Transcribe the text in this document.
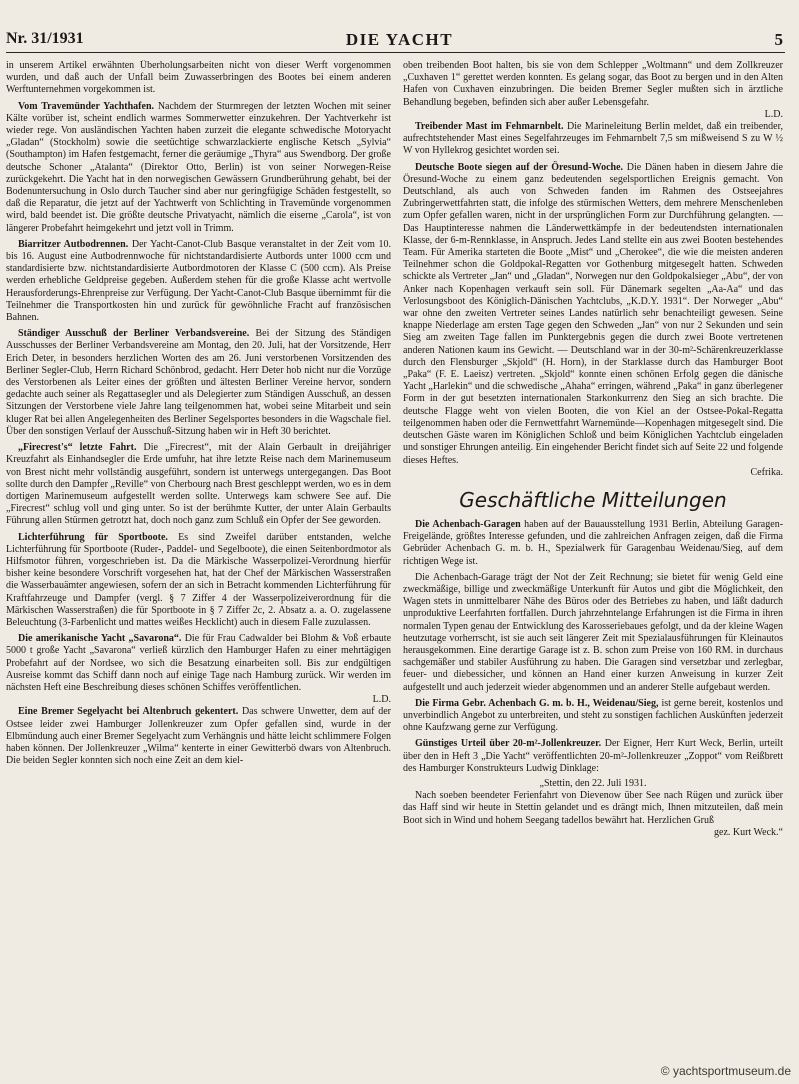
Nr. 31/1931	DIE YACHT	5

in unserem Artikel erwähnten Überholungsarbeiten nicht von dieser Werft vorgenommen wurden, und daß auch der Unfall beim Zuwasserbringen des Bootes bei einem anderen Werftunternehmen vorgekommen ist.

Vom Travemünder Yachthafen. Nachdem der Sturmregen der letzten Wochen mit seiner Kälte vorüber ist, scheint endlich warmes Sommerwetter einzukehren. Der Yachtverkehr ist wieder rege. Von ausländischen Yachten haben zurzeit die elegante schwedische Motoryacht „Gladan“ (Stockholm) sowie die seetüchtige schwarzlackierte englische Ketsch „Sylvia“ (Southampton) im Hafen festgemacht, ferner die geräumige „Thyra“ aus Swendborg. Der große deutsche Schoner „Atalanta“ (Direktor Otto, Berlin) ist von seiner Norwegen-Reise zurückgekehrt. Die Yacht hat in den norwegischen Gewässern Grundberührung gehabt, bei der Bodenuntersuchung in Oslo durch Taucher sind aber nur geringfügige Schäden festgestellt, so daß die Reparatur, die jetzt auf der Yachtwerft von Schlichting in Travemünde vorgenommen wird, bald beendet ist. Die größte deutsche Privatyacht, nämlich die eiserne „Carola“, ist von längerer Probefahrt heimgekehrt und jetzt voll in Trimm.

Biarritzer Autbodrennen. Der Yacht-Canot-Club Basque veranstaltet in der Zeit vom 10. bis 16. August eine Autbodrennwoche für nichtstandardisierte Autbords unter 1000 ccm und standardisierte bzw. nichtstandardisierte Autbordmotoren der Klasse C (500 ccm). Als Preise werden erhebliche Geldpreise gegeben. Außerdem stehen für die große Klasse acht wertvolle Herausforderungs-Ehrenpreise zur Verfügung. Der Yacht-Canot-Club Basque übernimmt für die Teilnehmer die Transportkosten hin und zurück für gewöhnliche Fracht auf französischen Bahnen.

Ständiger Ausschuß der Berliner Verbandsvereine. Bei der Sitzung des Ständigen Ausschusses der Berliner Verbandsvereine am Montag, den 20. Juli, hat der Vorsitzende, Herr Erich Deter, in besonders herzlichen Worten des am 26. Juni verstorbenen Vorsitzenden des Berliner Segler-Club, Herrn Richard Schönbrod, gedacht. Herr Deter hob nicht nur die Vorzüge des Verstorbenen als Leiter eines der größten und ältesten Berliner Vereine hervor, sondern gedachte auch seiner als Regattasegler und als Delegierter zum Ständigen Ausschuß, an dessen Sitzungen der Verstorbene viele Jahre lang teilgenommen hat, wobei seine Mitarbeit und sein kluger Rat bei allen Angelegenheiten des Berliner Segelsportes besonders in die Wagschale fiel. Über den sonstigen Verlauf der Ausschuß-Sitzung haben wir in Heft 30 berichtet.

„Firecrest's“ letzte Fahrt. Die „Firecrest“, mit der Alain Gerbault in dreijähriger Kreuzfahrt als Einhandsegler die Erde umfuhr, hat ihre letzte Reise nach dem Marinemuseum von Brest nicht mehr vollständig ausgeführt, sondern ist unterwegs untergegangen. Das Boot sollte durch den Dampfer „Reville“ von Cherbourg nach Brest geschleppt werden, wo es in dem dortigen Marinemuseum aufgestellt werden sollte. Unterwegs kam schwere See auf. Die „Firecrest“ schlug voll und ging unter. So ist der berühmte Kutter, der unter Alain Gerbaults Führung allen Stürmen getrotzt hat, doch noch ganz zum Schluß ein Opfer der See geworden.

Lichterführung für Sportboote. Es sind Zweifel darüber entstanden, welche Lichterführung für Sportboote (Ruder-, Paddel- und Segelboote), die einen Seitenbordmotor als Hilfsmotor führen, vorgeschrieben ist. Da die Märkische Wasserpolizei-Verordnung hierfür bisher keine besondere Vorschrift vorgesehen hat, hat der Chef der Märkischen Wasserstraßen die Wasserbauämter angewiesen, sofern der an sich in Betracht kommenden Lichterführung für Kraftfahrzeuge und Dampfer (vergl. § 7 Ziffer 4 der Wasserpolizeiverordnung für die Märkischen Wasserstraßen) die für Sportboote in § 7 Ziffer 2c, 2. Absatz a. a. O. zugelassene Beleuchtung (3-Farbenlicht und mattes weißes Hecklicht) auch in diesem Falle zuzulassen.

Die amerikanische Yacht „Savarona“. Die für Frau Cadwalder bei Blohm & Voß erbaute 5000 t große Yacht „Savarona“ verließ kürzlich den Hamburger Hafen zu einer mehrtägigen Probefahrt auf der Nordsee, wo sich die Besatzung einarbeiten soll. Bis zur endgültigen Ausreise kommt das Schiff dann noch auf einige Tage nach Hamburg zurück. Wir werden im nächsten Heft eine Beschreibung dieses schönen Schiffes veröffentlichen.

L.D.

Eine Bremer Segelyacht bei Altenbruch gekentert. Das schwere Unwetter, dem auf der Ostsee leider zwei Hamburger Jollenkreuzer zum Opfer gefallen sind, wurde in der Elbmündung auch einer Bremer Segelyacht zum Verhängnis und hätte leicht schlimmere Folgen haben können. Der Jollenkreuzer „Wilma“ kenterte in einer Gewitterbö dwars von Altenbruch. Die beiden Segler konnten sich noch eine Zeit an dem kiel-

oben treibenden Boot halten, bis sie von dem Schlepper „Woltmann“ und dem Zollkreuzer „Cuxhaven 1“ gerettet werden konnten. Es gelang sogar, das Boot zu bergen und in den Alten Hafen von Cuxhaven einzubringen. Die beiden Bremer Segler mußten sich in ärztliche Behandlung begeben, befinden sich aber außer Lebensgefahr.

L.D.

Treibender Mast im Fehmarnbelt. Die Marineleitung Berlin meldet, daß ein treibender, aufrechtstehender Mast eines Segelfahrzeuges im Fehmarnbelt 7,5 sm mißweisend S zu W ½ W von Hyllekrog gesichtet worden sei.

Deutsche Boote siegen auf der Öresund-Woche. Die Dänen haben in diesem Jahre die Öresund-Woche zu einem ganz bedeutenden segelsportlichen Ereignis gemacht. Von Deutschland, als auch von Schweden fanden im Rahmen des Ostseejahres Zubringerwettfahrten statt, die infolge des stürmischen Wetters, dem mehrere Menschenleben zum Opfer gefallen waren, nicht in der ursprünglichen Form zur Durchführung gelangten. — Das Hauptinteresse nahmen die Länderwettkämpfe in der bedeutendsten internationalen Klasse, der 6-m-Rennklasse, in Anspruch. Jedes Land stellte ein aus zwei Booten bestehendes Team. Für Amerika starteten die Boote „Mist“ und „Cherokee“, die wie die meisten anderen Teilnehmer schon die Goldpokal-Regatten vor Gothenburg mitgesegelt hatten. Schweden schickte als Vertreter „Jan“ und „Gladan“, Norwegen nur den Goldpokalsieger „Abu“, der von Anker nach Kopenhagen verkauft sein soll. Für Dänemark segelten „Aa-Aa“ und das Verlosungsboot des Königlich-Dänischen Yachtclubs, „K.D.Y. 1931“. Der Norweger „Abu“ war ohne den zweiten Vertreter seines Landes natürlich sehr benachteiligt gewesen. Seine knappe Niederlage am ersten Tage gegen den Schweden „Jan“ von nur 2 Sekunden und sein Sieg am zweiten Tage fallen im Punktergebnis gegen die durch zwei Boote vertretenen anderen Nationen kaum ins Gewicht. — Deutschland war in der 30-m²-Schärenkreuzerklasse durch den Flensburger „Skjold“ (H. Horn), in der Starklasse durch das Hamburger Boot „Paka“ (F. E. Laeisz) vertreten. „Skjold“ konnte einen schönen Erfolg gegen die dänische Yacht „Harlekin“ und die schwedische „Ahaha“ erringen, während „Paka“ in ganz überlegener Form in der gut besetzten internationalen Starkonkurrenz den Sieg an sich brachte. Die deutsche Flagge weht von vielen Booten, die von Kiel an der Ostsee-Pokal-Regatta teilgenommen haben oder die Fernwettfahrt Warnemünde—Kopenhagen mitgesegelt sind. Die deutschen Gäste waren im Königlichen Schloß und beim Königlichen Yachtclub eingeladen und sonstiger Ehrungen anteilig. Ein eingehender Bericht findet sich auf Seite 22 und folgende dieses Heftes.

Cefrika.
Geschäftliche Mitteilungen

Die Achenbach-Garagen haben auf der Bauausstellung 1931 Berlin, Abteilung Garagen-Freigelände, größtes Interesse gefunden, und die zahlreichen Anfragen zeigen, daß die Firma Gebrüder Achenbach G. m. b. H., Spezialwerk für Garagenbau Weidenau/Sieg, auf dem richtigen Wege ist.

Die Achenbach-Garage trägt der Not der Zeit Rechnung; sie bietet für wenig Geld eine zweckmäßige, billige und zweckmäßige Unterkunft für Autos und gibt die Möglichkeit, den Wagen stets in unmittelbarer Nähe des Büros oder des Betriebes zu haben, und läßt dadurch unproduktive Leerfahrten fortfallen. Durch jahrzehntelange Erfahrungen ist die Firma in ihren normalen Typen genau der Entwicklung des Karosseriebaues gefolgt, und da der kleine Wagen heutzutage vorherrscht, ist sie auch seit längerer Zeit mit Spezialausführungen für Kleinautos herausgekommen. Eine derartige Garage ist z. B. schon zum Preise von 160 RM. in durchaus sachgemäßer und stabiler Ausführung zu haben. Die Garagen sind versetzbar und zerlegbar, feuer- und diebessicher, und können an Hand einer kurzen Anweisung in kurzer Zeit aufgestellt und auch jederzeit wieder abgenommen und an anderer Stelle aufgebaut werden.

Die Firma Gebr. Achenbach G. m. b. H., Weidenau/Sieg, ist gerne bereit, kostenlos und unverbindlich Angebot zu unterbreiten, und steht zu sonstigen fachlichen Auskünften jederzeit ohne Kaufzwang gerne zur Verfügung.

Günstiges Urteil über 20-m²-Jollenkreuzer. Der Eigner, Herr Kurt Weck, Berlin, urteilt über den in Heft 3 „Die Yacht“ veröffentlichten 20-m²-Jollenkreuzer „Zoppot“ vom Reißbrett des Hamburger Konstrukteurs Ludwig Dinklage:

„Stettin, den 22. Juli 1931.

Nach soeben beendeter Ferienfahrt von Dievenow über See nach Rügen und zurück über das Haff sind wir heute in Stettin gelandet und es drängt mich, Ihnen mitzuteilen, daß mein Boot sich in Wind und hohem Seegang tadellos bewährt hat. Herzlichen Gruß

gez. Kurt Weck.“
© yachtsportmuseum.de
